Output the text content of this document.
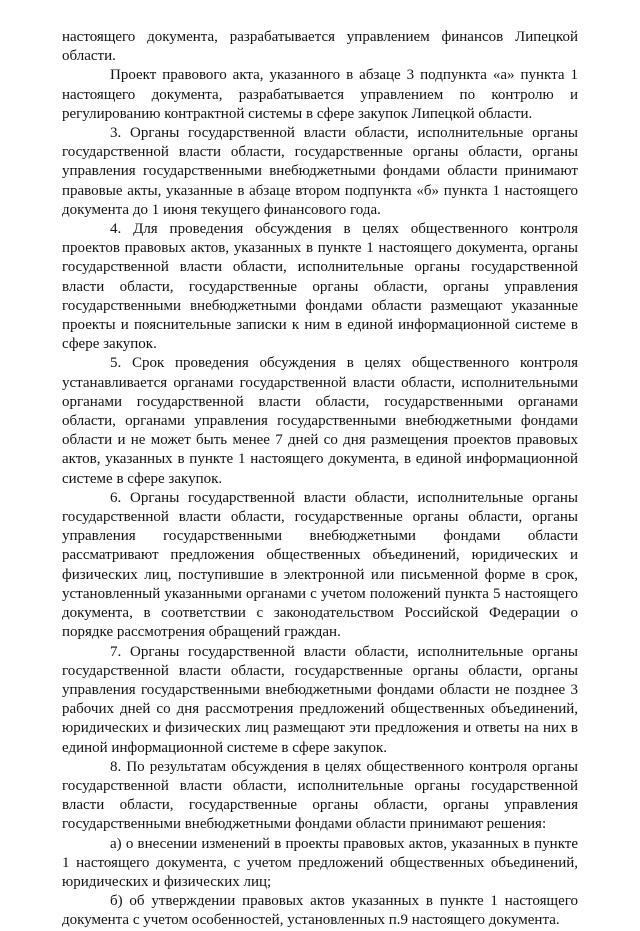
настоящего документа, разрабатывается управлением финансов Липецкой области.

Проект правового акта, указанного в абзаце 3 подпункта «а» пункта 1 настоящего документа, разрабатывается управлением по контролю и регулированию контрактной системы в сфере закупок Липецкой области.

3. Органы государственной власти области, исполнительные органы государственной власти области, государственные органы области, органы управления государственными внебюджетными фондами области принимают правовые акты, указанные в абзаце втором подпункта «б» пункта 1 настоящего документа до 1 июня текущего финансового года.

4. Для проведения обсуждения в целях общественного контроля проектов правовых актов, указанных в пункте 1 настоящего документа, органы государственной власти области, исполнительные органы государственной власти области, государственные органы области, органы управления государственными внебюджетными фондами области размещают указанные проекты и пояснительные записки к ним в единой информационной системе в сфере закупок.

5. Срок проведения обсуждения в целях общественного контроля устанавливается органами государственной власти области, исполнительными органами государственной власти области, государственными органами области, органами управления государственными внебюджетными фондами области и не может быть менее 7 дней со дня размещения проектов правовых актов, указанных в пункте 1 настоящего документа, в единой информационной системе в сфере закупок.

6. Органы государственной власти области, исполнительные органы государственной власти области, государственные органы области, органы управления государственными внебюджетными фондами области рассматривают предложения общественных объединений, юридических и физических лиц, поступившие в электронной или письменной форме в срок, установленный указанными органами с учетом положений пункта 5 настоящего документа, в соответствии с законодательством Российской Федерации о порядке рассмотрения обращений граждан.

7. Органы государственной власти области, исполнительные органы государственной власти области, государственные органы области, органы управления государственными внебюджетными фондами области не позднее 3 рабочих дней со дня рассмотрения предложений общественных объединений, юридических и физических лиц размещают эти предложения и ответы на них в единой информационной системе в сфере закупок.

8. По результатам обсуждения в целях общественного контроля органы государственной власти области, исполнительные органы государственной власти области, государственные органы области, органы управления государственными внебюджетными фондами области принимают решения:

а) о внесении изменений в проекты правовых актов, указанных в пункте 1 настоящего документа, с учетом предложений общественных объединений, юридических и физических лиц;

б) об утверждении правовых актов указанных в пункте 1 настоящего документа с учетом особенностей, установленных п.9 настоящего документа.
